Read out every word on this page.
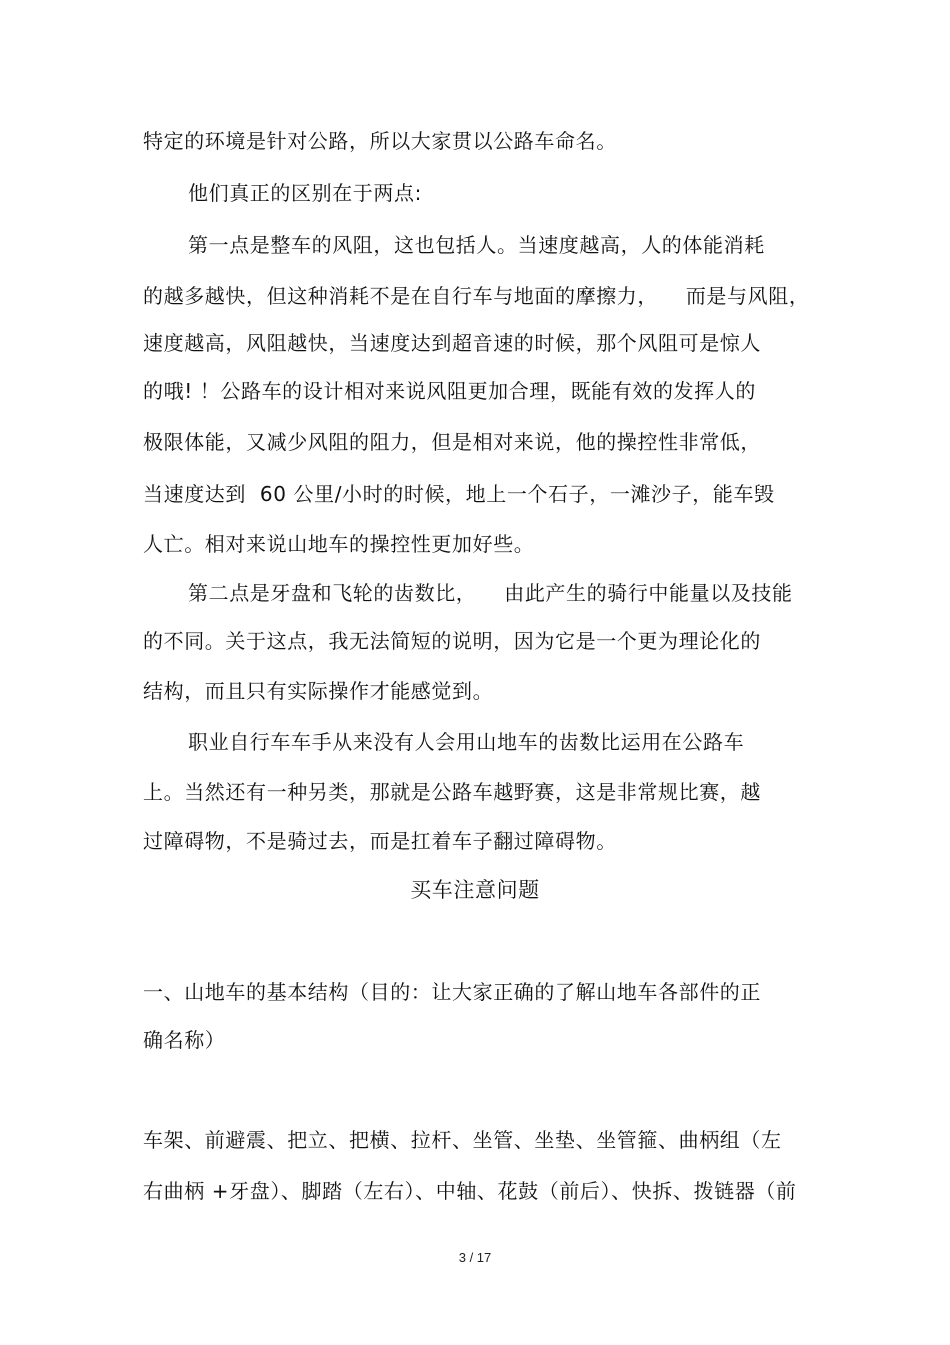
特定的环境是针对公路，所以大家贯以公路车命名。
他们真正的区别在于两点:
第一点是整车的风阻，这也包括人。当速度越高，人的体能消耗
的越多越快，但这种消耗不是在自行车与地面的摩擦力，    而是与风阻，
速度越高，风阻越快，当速度达到超音速的时候，那个风阻可是惊人
的哦! ！公路车的设计相对来说风阻更加合理，既能有效的发挥人的
极限体能，又减少风阻的阻力，但是相对来说，他的操控性非常低，
当速度达到  60 公里/小时的时候，地上一个石子，一滩沙子，能车毁
人亡。相对来说山地车的操控性更加好些。
第二点是牙盘和飞轮的齿数比，    由此产生的骑行中能量以及技能
的不同。关于这点，我无法简短的说明，因为它是一个更为理论化的
结构，而且只有实际操作才能感觉到。
职业自行车车手从来没有人会用山地车的齿数比运用在公路车
上。当然还有一种另类，那就是公路车越野赛，这是非常规比赛，越
过障碍物，不是骑过去，而是扛着车子翻过障碍物。
买车注意问题
一、山地车的基本结构（目的：让大家正确的了解山地车各部件的正
确名称）
车架、前避震、把立、把横、拉杆、坐管、坐垫、坐管箍、曲柄组（左
右曲柄 +牙盘）、脚踏（左右）、中轴、花鼓（前后）、快拆、拨链器（前
3 / 17
